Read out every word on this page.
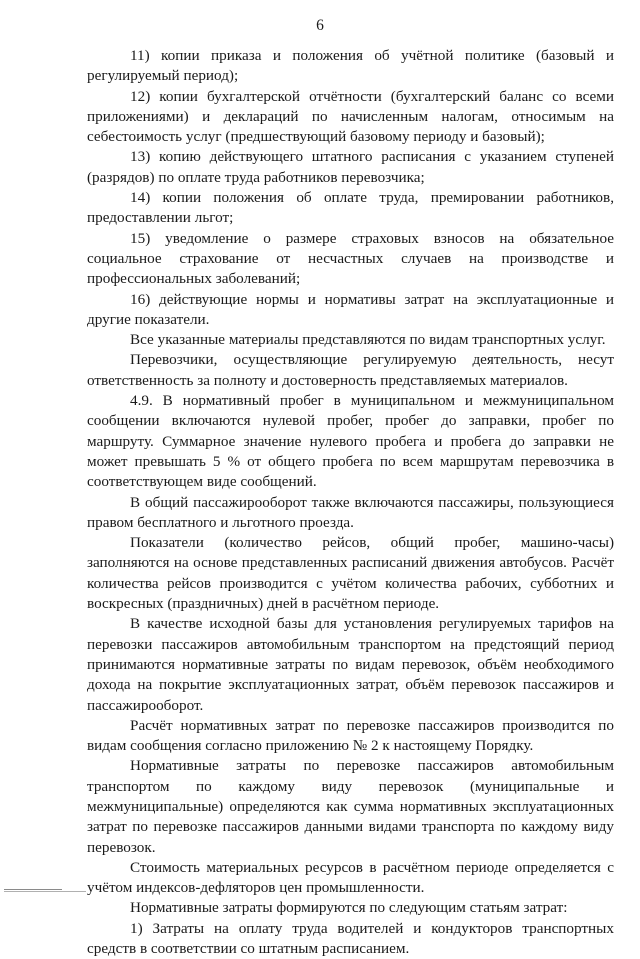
6

11) копии приказа и положения об учётной политике (базовый и регулируемый период);

12) копии бухгалтерской отчётности (бухгалтерский баланс со всеми приложениями) и деклараций по начисленным налогам, относимым на себестоимость услуг (предшествующий базовому периоду и базовый);

13) копию действующего штатного расписания с указанием ступеней (разрядов) по оплате труда работников перевозчика;

14) копии положения об оплате труда, премировании работников, предоставлении льгот;

15) уведомление о размере страховых взносов на обязательное социальное страхование от несчастных случаев на производстве и профессиональных заболеваний;

16) действующие нормы и нормативы затрат на эксплуатационные и другие показатели.

Все указанные материалы представляются по видам транспортных услуг.

Перевозчики, осуществляющие регулируемую деятельность, несут ответственность за полноту и достоверность представляемых материалов.

4.9. В нормативный пробег в муниципальном и межмуниципальном сообщении включаются нулевой пробег, пробег до заправки, пробег по маршруту. Суммарное значение нулевого пробега и пробега до заправки не может превышать 5 % от общего пробега по всем маршрутам перевозчика в соответствующем виде сообщений.

В общий пассажирооборот также включаются пассажиры, пользующиеся правом бесплатного и льготного проезда.

Показатели (количество рейсов, общий пробег, машино-часы) заполняются на основе представленных расписаний движения автобусов. Расчёт количества рейсов производится с учётом количества рабочих, субботних и воскресных (праздничных) дней в расчётном периоде.

В качестве исходной базы для установления регулируемых тарифов на перевозки пассажиров автомобильным транспортом на предстоящий период принимаются нормативные затраты по видам перевозок, объём необходимого дохода на покрытие эксплуатационных затрат, объём перевозок пассажиров и пассажирооборот.

Расчёт нормативных затрат по перевозке пассажиров производится по видам сообщения согласно приложению № 2 к настоящему Порядку.

Нормативные затраты по перевозке пассажиров автомобильным транспортом по каждому виду перевозок (муниципальные и межмуниципальные) определяются как сумма нормативных эксплуатационных затрат по перевозке пассажиров данными видами транспорта по каждому виду перевозок.

Стоимость материальных ресурсов в расчётном периоде определяется с учётом индексов-дефляторов цен промышленности.

Нормативные затраты формируются по следующим статьям затрат:

1) Затраты на оплату труда водителей и кондукторов транспортных средств в соответствии со штатным расписанием.
